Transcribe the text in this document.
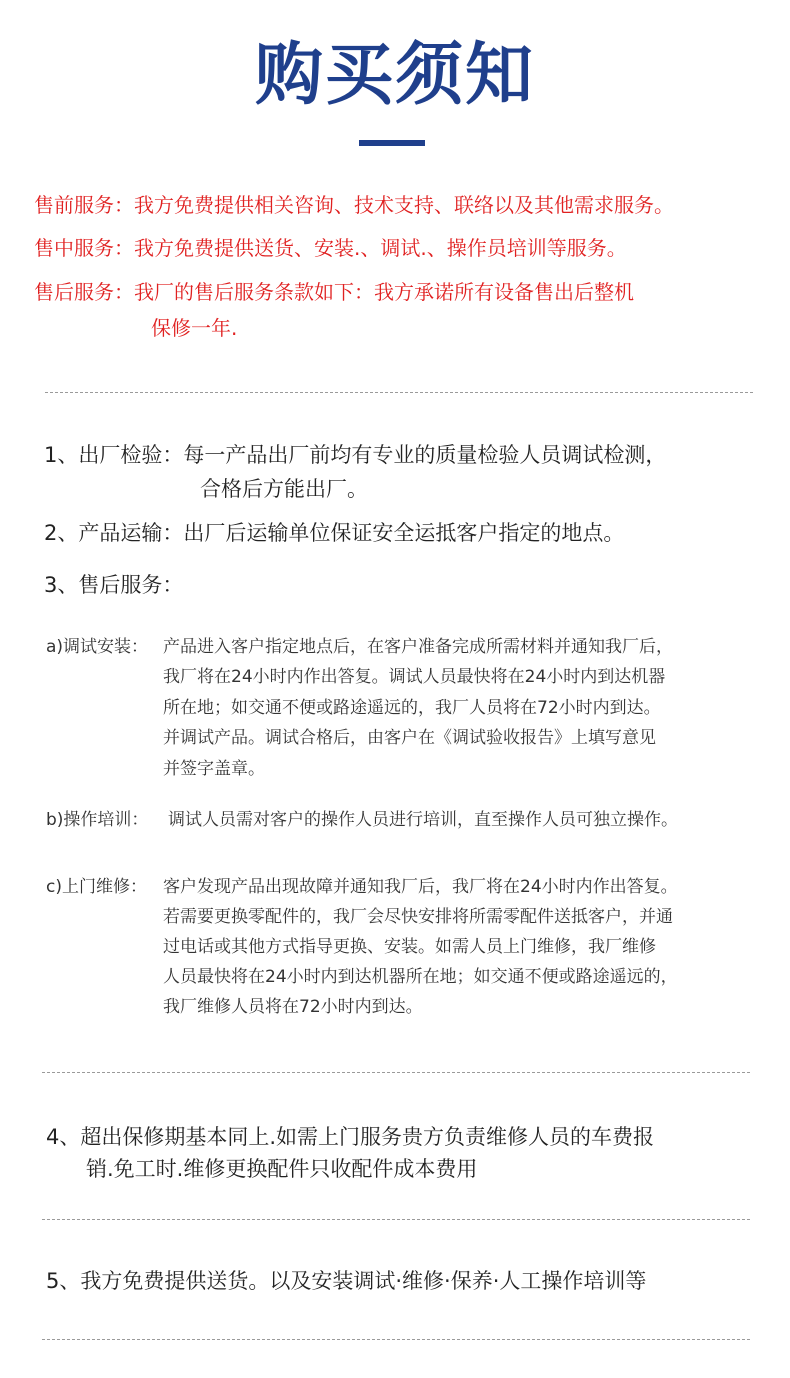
购买须知
售前服务：我方免费提供相关咨询、技术支持、联络以及其他需求服务。
售中服务：我方免费提供送货、安装.、调试.、操作员培训等服务。
售后服务：我厂的售后服务条款如下：我方承诺所有设备售出后整机
保修一年.
1、出厂检验：每一产品出厂前均有专业的质量检验人员调试检测，
合格后方能出厂。
2、产品运输：出厂后运输单位保证安全运抵客户指定的地点。
3、售后服务：
a)调试安装： 产品进入客户指定地点后，在客户准备完成所需材料并通知我厂后，
我厂将在24小时内作出答复。调试人员最快将在24小时内到达机器
所在地；如交通不便或路途遥远的，我厂人员将在72小时内到达。
并调试产品。调试合格后，由客户在《调试验收报告》上填写意见
并签字盖章。
b)操作培训： 调试人员需对客户的操作人员进行培训，直至操作人员可独立操作。
c)上门维修： 客户发现产品出现故障并通知我厂后，我厂将在24小时内作出答复。
若需要更换零配件的，我厂会尽快安排将所需零配件送抵客户，并通
过电话或其他方式指导更换、安装。如需人员上门维修，我厂维修
人员最快将在24小时内到达机器所在地；如交通不便或路途遥远的，
我厂维修人员将在72小时内到达。
4、超出保修期基本同上.如需上门服务贵方负责维修人员的车费报
销.免工时.维修更换配件只收配件成本费用
5、我方免费提供送货。以及安装调试·维修·保养·人工操作培训等
